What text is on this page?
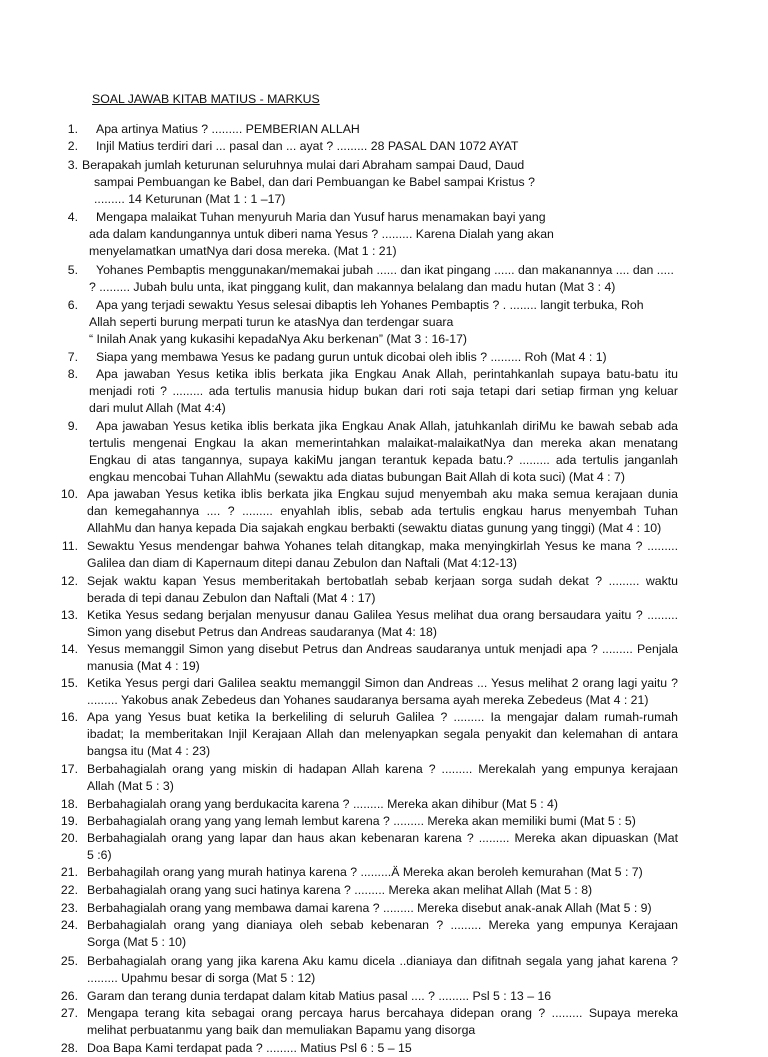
SOAL JAWAB KITAB MATIUS - MARKUS
1. Apa artinya Matius ? ......... PEMBERIAN ALLAH
2. Injil Matius terdiri dari ... pasal dan ... ayat ? ......... 28 PASAL DAN 1072 AYAT
3. Berapakah jumlah keturunan seluruhnya mulai dari Abraham sampai Daud, Daud
sampai Pembuangan ke Babel, dan dari Pembuangan ke Babel sampai Kristus ?
......... 14 Keturunan (Mat 1 : 1 –17)
4. Mengapa malaikat Tuhan menyuruh Maria dan Yusuf harus menamakan bayi yang
ada dalam kandungannya untuk diberi nama Yesus ? ......... Karena Dialah yang akan
menyelamatkan umatNya dari dosa mereka. (Mat 1 : 21)
5. Yohanes Pembaptis menggunakan/memakai jubah ...... dan ikat pingang ...... dan makanannya .... dan .....
? ......... Jubah bulu unta, ikat pinggang kulit, dan makannya belalang dan madu hutan (Mat 3 : 4)
6. Apa yang terjadi sewaktu Yesus selesai dibaptis leh Yohanes Pembaptis ? . ........ langit terbuka, Roh
Allah seperti burung merpati turun ke atasNya dan terdengar suara
“ Inilah Anak yang kukasihi kepadaNya Aku berkenan” (Mat 3 : 16-17)
7. Siapa yang membawa Yesus ke padang gurun untuk dicobai oleh iblis ? ......... Roh (Mat 4 : 1)
8. Apa jawaban Yesus ketika iblis berkata jika Engkau Anak Allah, perintahkanlah supaya batu-batu itu
menjadi roti ? ......... ada tertulis manusia hidup bukan dari roti saja tetapi dari setiap firman yng keluar
dari mulut Allah (Mat 4:4)
9. Apa jawaban Yesus ketika iblis berkata jika Engkau Anak Allah, jatuhkanlah diriMu ke bawah sebab ada
tertulis mengenai Engkau Ia akan memerintahkan malaikat-malaikatNya dan mereka akan menatang
Engkau di atas tangannya, supaya kakiMu jangan terantuk kepada batu.? ......... ada tertulis janganlah
engkau mencobai Tuhan AllahMu (sewaktu ada diatas bubungan Bait Allah di kota suci) (Mat 4 : 7)
10. Apa jawaban Yesus ketika iblis berkata jika Engkau sujud menyembah aku maka semua kerajaan dunia
dan kemegahannya .... ? ......... enyahlah iblis, sebab ada tertulis engkau harus menyembah Tuhan
AllahMu dan hanya kepada Dia sajakah engkau berbakti (sewaktu diatas gunung yang tinggi) (Mat 4 : 10)
11. Sewaktu Yesus mendengar bahwa Yohanes telah ditangkap, maka menyingkirlah Yesus ke mana ? .........
Galilea dan diam di Kapernaum ditepi danau Zebulon dan Naftali (Mat 4:12-13)
12. Sejak waktu kapan Yesus memberitakah bertobatlah sebab kerjaan sorga sudah dekat ? ......... waktu
berada di tepi danau Zebulon dan Naftali (Mat 4 : 17)
13. Ketika Yesus sedang berjalan menyusur danau Galilea Yesus melihat dua orang bersaudara yaitu ? .........
Simon yang disebut Petrus dan Andreas saudaranya (Mat 4: 18)
14. Yesus memanggil Simon yang disebut Petrus dan Andreas saudaranya untuk menjadi apa ? ......... Penjala
manusia (Mat 4 : 19)
15. Ketika Yesus pergi dari Galilea seaktu memanggil Simon dan Andreas ... Yesus melihat 2 orang lagi yaitu ?
......... Yakobus anak Zebedeus dan Yohanes saudaranya bersama ayah mereka Zebedeus (Mat 4 : 21)
16. Apa yang Yesus buat ketika Ia berkeliling di seluruh Galilea ? ......... Ia mengajar dalam rumah-rumah
ibadat; Ia memberitakan Injil Kerajaan Allah dan melenyapkan segala penyakit dan kelemahan di antara
bangsa itu (Mat 4 : 23)
17. Berbahagialah orang yang miskin di hadapan Allah karena ? ......... Merekalah yang empunya kerajaan
Allah (Mat 5 : 3)
18. Berbahagialah orang yang berdukacita karena ? ......... Mereka akan dihibur (Mat 5 : 4)
19. Berbahagialah orang yang yang lemah lembut karena ? ......... Mereka akan memiliki bumi (Mat 5 : 5)
20. Berbahagialah orang yang lapar dan haus akan kebenaran karena ? ......... Mereka akan dipuaskan (Mat
5 :6)
21. Berbahagilah orang yang murah hatinya karena ? .........Ä Mereka akan beroleh kemurahan (Mat 5 : 7)
22. Berbahagialah orang yang suci hatinya karena ? ......... Mereka akan melihat Allah (Mat 5 : 8)
23. Berbahagialah orang yang membawa damai karena ? ......... Mereka disebut anak-anak Allah (Mat 5 : 9)
24. Berbahagialah orang yang dianiaya oleh sebab kebenaran ? ......... Mereka yang empunya Kerajaan
Sorga (Mat 5 : 10)
25. Berbahagialah orang yang jika karena Aku kamu dicela ..dianiaya dan difitnah segala yang jahat karena ?
......... Upahmu besar di sorga (Mat 5 : 12)
26. Garam dan terang dunia terdapat dalam kitab Matius pasal .... ? ......... Psl 5 : 13 – 16
27. Mengapa terang kita sebagai orang percaya harus bercahaya didepan orang ? ......... Supaya mereka
melihat perbuatanmu yang baik dan memuliakan Bapamu yang disorga
28. Doa Bapa Kami terdapat pada ? ......... Matius Psl 6 : 5 – 15
